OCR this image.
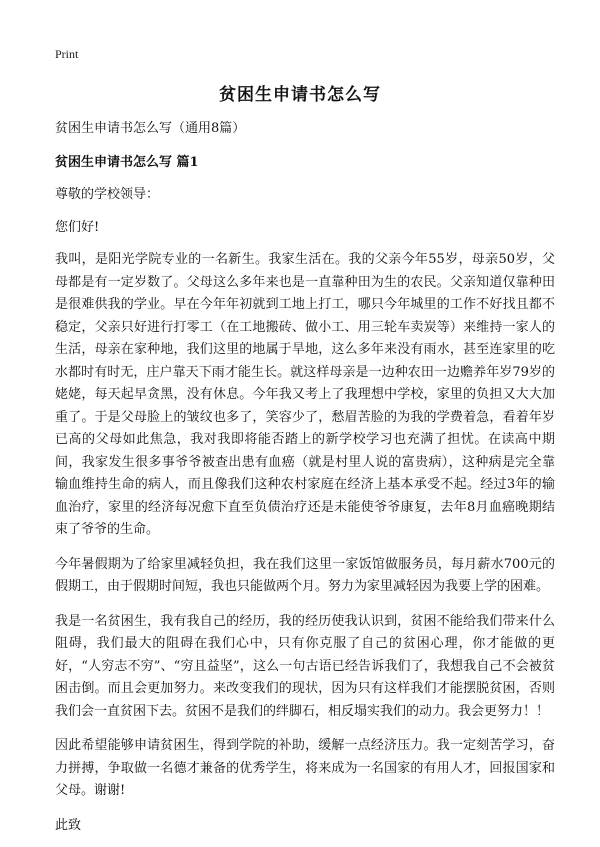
Print
贫困生申请书怎么写

贫困生申请书怎么写（通用8篇）

贫困生申请书怎么写 篇1

尊敬的学校领导：

您们好!

我叫，是阳光学院专业的一名新生。我家生活在。我的父亲今年55岁，母亲50岁，父母都是有一定岁数了。父母这么多年来也是一直靠种田为生的农民。父亲知道仅靠种田是很难供我的学业。早在今年年初就到工地上打工，哪只今年城里的工作不好找且都不稳定，父亲只好进行打零工（在工地搬砖、做小工、用三轮车卖炭等）来维持一家人的生活，母亲在家种地，我们这里的地属于旱地，这么多年来没有雨水，甚至连家里的吃水都时有时无，庄户靠天下雨才能生长。就这样母亲是一边种农田一边赡养年岁79岁的姥姥，每天起早贪黑，没有休息。今年我又考上了我理想中学校，家里的负担又大大加重了。于是父母脸上的皱纹也多了，笑容少了，愁眉苦脸的为我的学费着急，看着年岁已高的父母如此焦急，我对我即将能否踏上的新学校学习也充满了担忧。在读高中期间，我家发生很多事爷爷被查出患有血癌（就是村里人说的富贵病），这种病是完全靠输血维持生命的病人，而且像我们这种农村家庭在经济上基本承受不起。经过3年的输血治疗，家里的经济每况愈下直至负债治疗还是未能使爷爷康复，去年8月血癌晚期结束了爷爷的生命。

今年暑假期为了给家里减轻负担，我在我们这里一家饭馆做服务员，每月薪水700元的假期工，由于假期时间短，我也只能做两个月。努力为家里减轻因为我要上学的困难。

我是一名贫困生，我有我自己的经历，我的经历使我认识到，贫困不能给我们带来什么阻碍，我们最大的阻碍在我们心中，只有你克服了自己的贫困心理，你才能做的更好，“人穷志不穷”、“穷且益坚”，这么一句古语已经告诉我们了，我想我自己不会被贫困击倒。而且会更加努力。来改变我们的现状，因为只有这样我们才能摆脱贫困，否则我们会一直贫困下去。贫困不是我们的绊脚石，相反塌实我们的动力。我会更努力！！

因此希望能够申请贫困生，得到学院的补助，缓解一点经济压力。我一定刻苦学习，奋力拼搏，争取做一名德才兼备的优秀学生，将来成为一名国家的有用人才，回报国家和父母。谢谢!

此致
